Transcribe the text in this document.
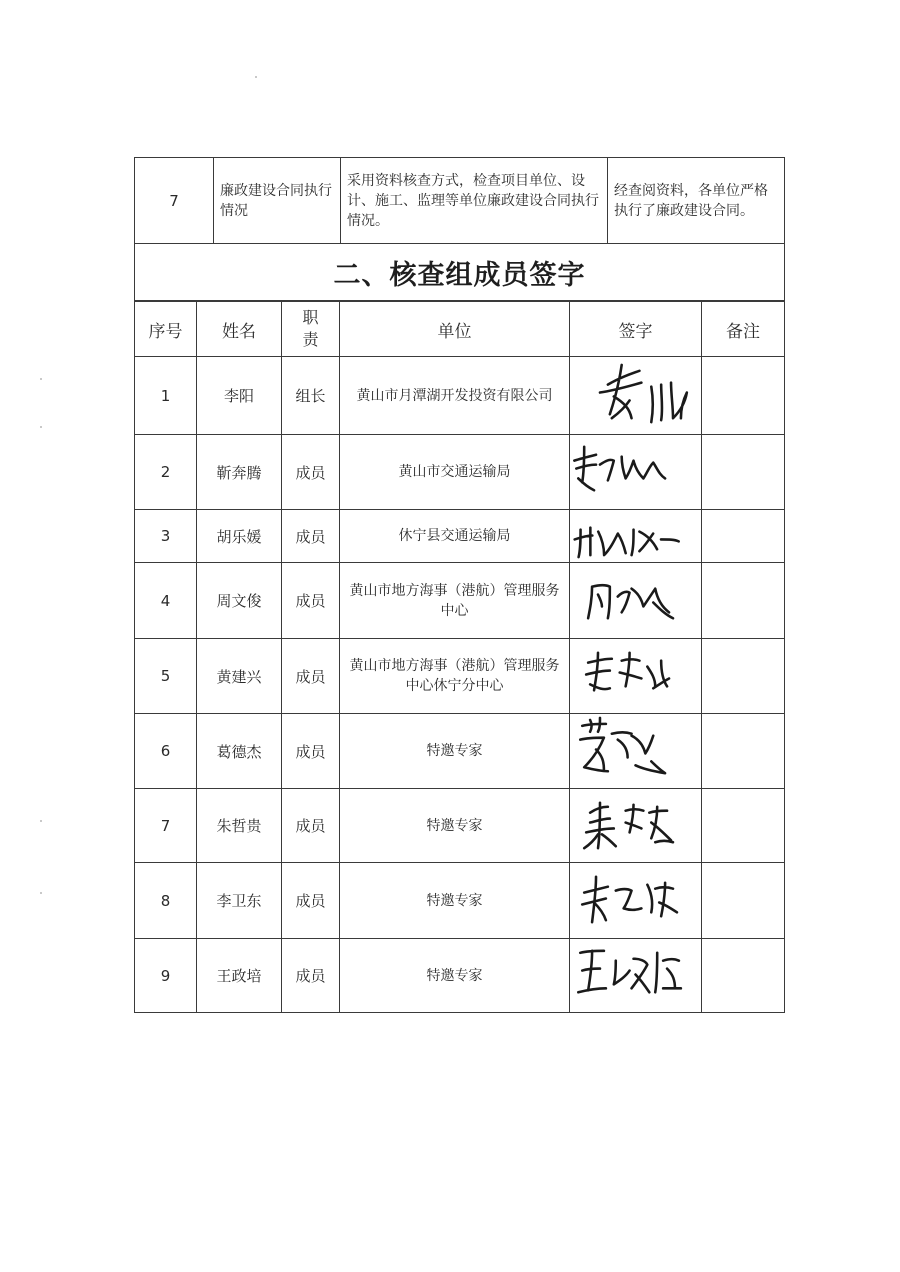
7	廉政建设合同执行情况	采用资料核查方式，检查项目单位、设计、施工、监理等单位廉政建设合同执行情况。	经查阅资料，各单位严格执行了廉政建设合同。
二、核查组成员签字
序号	姓名	职责	单位	签字	备注
1	李阳	组长	黄山市月潭湖开发投资有限公司	

2	靳奔腾	成员	黄山市交通运输局	

3	胡乐媛	成员	休宁县交通运输局	

4	周文俊	成员	黄山市地方海事（港航）管理服务中心	

5	黄建兴	成员	黄山市地方海事（港航）管理服务中心休宁分中心	

6	葛德杰	成员	特邀专家	

7	朱哲贵	成员	特邀专家	

8	李卫东	成员	特邀专家	

9	王政培	成员	特邀专家	
